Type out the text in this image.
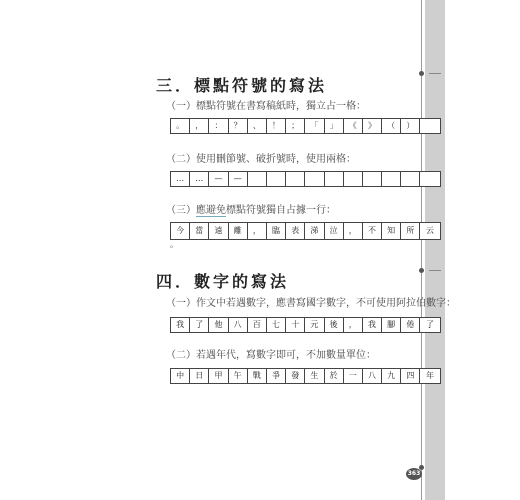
三．標點符號的寫法
（一）標點符號在書寫稿紙時，獨立占一格：
。	，	：	？	、	！	；	「	」	《	》	（	）
（二）使用刪節號、破折號時，使用兩格：
…	…	—	—
（三）應避免標點符號獨自占據一行：
今	當	遠	離	，	臨	表	涕	泣	，	不	知	所	云
。
四．數字的寫法
（一）作文中若遇數字，應書寫國字數字，不可使用阿拉伯數字：
我	了	他	八	百	七	十	元	後	，	我	腳	倦	了
（二）若遇年代，寫數字即可，不加數量單位：
中	日	甲	午	戰	爭	發	生	於	一	八	九	四	年
363
